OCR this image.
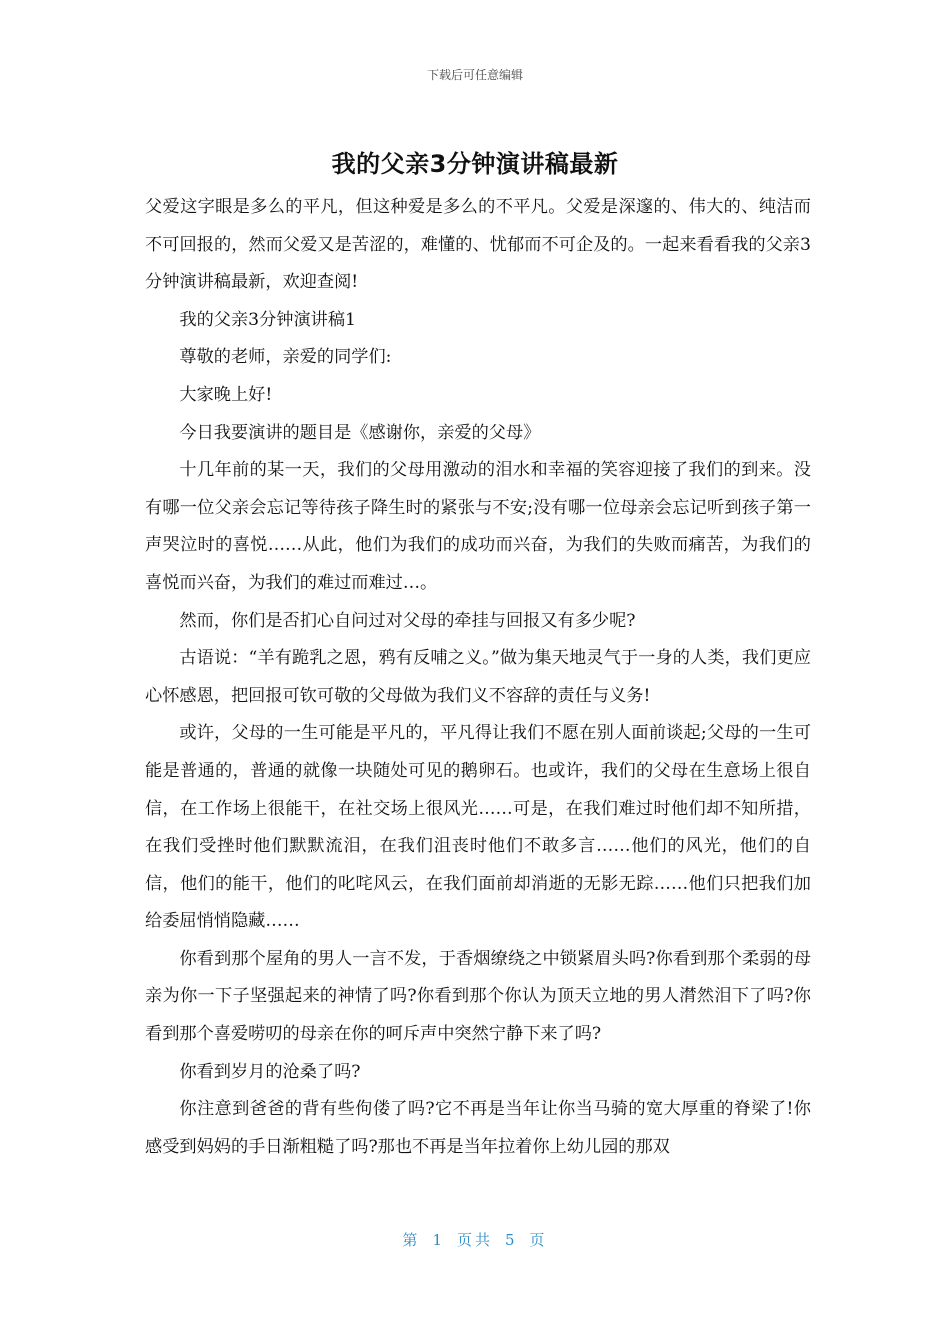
下载后可任意编辑
我的父亲3分钟演讲稿最新

父爱这字眼是多么的平凡，但这种爱是多么的不平凡。父爱是深邃的、伟大的、纯洁而不可回报的，然而父爱又是苦涩的，难懂的、忧郁而不可企及的。一起来看看我的父亲3分钟演讲稿最新，欢迎查阅!

我的父亲3分钟演讲稿1

尊敬的老师，亲爱的同学们:

大家晚上好!

今日我要演讲的题目是《感谢你，亲爱的父母》

十几年前的某一天，我们的父母用激动的泪水和幸福的笑容迎接了我们的到来。没有哪一位父亲会忘记等待孩子降生时的紧张与不安;没有哪一位母亲会忘记听到孩子第一声哭泣时的喜悦……从此，他们为我们的成功而兴奋，为我们的失败而痛苦，为我们的喜悦而兴奋，为我们的难过而难过…。

然而，你们是否扪心自问过对父母的牵挂与回报又有多少呢?

古语说：“羊有跪乳之恩，鸦有反哺之义。”做为集天地灵气于一身的人类，我们更应心怀感恩，把回报可钦可敬的父母做为我们义不容辞的责任与义务!

或许，父母的一生可能是平凡的，平凡得让我们不愿在别人面前谈起;父母的一生可能是普通的，普通的就像一块随处可见的鹅卵石。也或许，我们的父母在生意场上很自信，在工作场上很能干，在社交场上很风光……可是，在我们难过时他们却不知所措，在我们受挫时他们默默流泪，在我们沮丧时他们不敢多言……他们的风光，他们的自信，他们的能干，他们的叱咤风云，在我们面前却消逝的无影无踪……他们只把我们加给委屈悄悄隐藏……

你看到那个屋角的男人一言不发，于香烟缭绕之中锁紧眉头吗?你看到那个柔弱的母亲为你一下子坚强起来的神情了吗?你看到那个你认为顶天立地的男人潸然泪下了吗?你看到那个喜爱唠叨的母亲在你的呵斥声中突然宁静下来了吗?

你看到岁月的沧桑了吗?

你注意到爸爸的背有些佝偻了吗?它不再是当年让你当马骑的宽大厚重的脊梁了!你感受到妈妈的手日渐粗糙了吗?那也不再是当年拉着你上幼儿园的那双

第 1 页共 5 页
